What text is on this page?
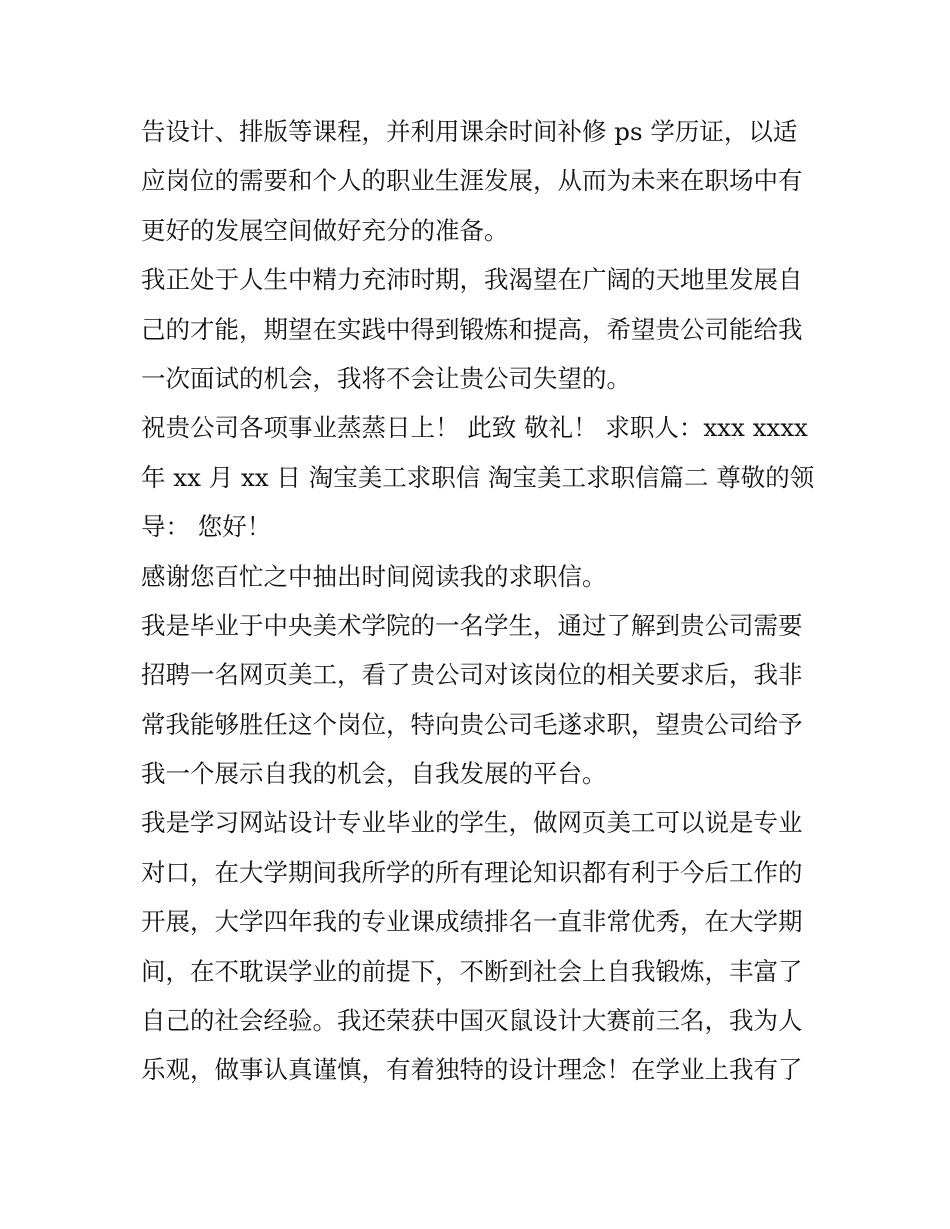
告设计、排版等课程，并利用课余时间补修 ps 学历证，以适
应岗位的需要和个人的职业生涯发展，从而为未来在职场中有
更好的发展空间做好充分的准备。
我正处于人生中精力充沛时期，我渴望在广阔的天地里发展自
己的才能，期望在实践中得到锻炼和提高，希望贵公司能给我
一次面试的机会，我将不会让贵公司失望的。
祝贵公司各项事业蒸蒸日上！ 此致 敬礼！ 求职人：xxx xxxx
年 xx 月 xx 日 淘宝美工求职信 淘宝美工求职信篇二 尊敬的领
导： 您好！
感谢您百忙之中抽出时间阅读我的求职信。
我是毕业于中央美术学院的一名学生，通过了解到贵公司需要
招聘一名网页美工，看了贵公司对该岗位的相关要求后，我非
常我能够胜任这个岗位，特向贵公司毛遂求职，望贵公司给予
我一个展示自我的机会，自我发展的平台。
我是学习网站设计专业毕业的学生，做网页美工可以说是专业
对口，在大学期间我所学的所有理论知识都有利于今后工作的
开展，大学四年我的专业课成绩排名一直非常优秀，在大学期
间，在不耽误学业的前提下，不断到社会上自我锻炼，丰富了
自己的社会经验。我还荣获中国灭鼠设计大赛前三名，我为人
乐观，做事认真谨慎，有着独特的设计理念！在学业上我有了
